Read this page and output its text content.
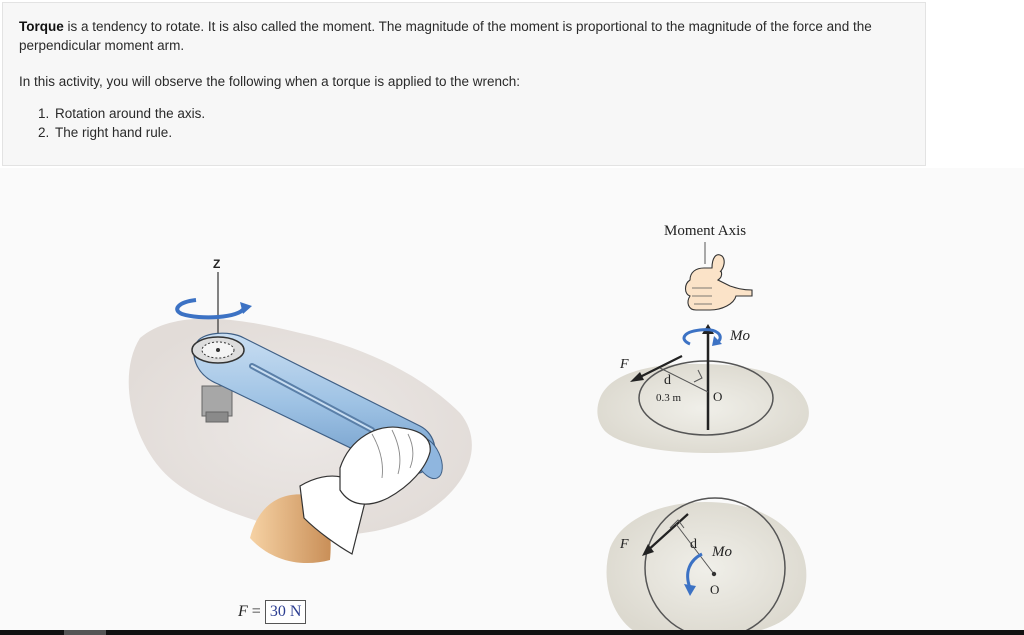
Torque is a tendency to rotate. It is also called the moment. The magnitude of the moment is proportional to the magnitude of the force and the perpendicular moment arm.

In this activity, you will observe the following when a torque is applied to the wrench:

1. Rotation around the axis.
2. The right hand rule.
Z
Moment Axis
Mo
F
d
0.3 m O
F	d Mo
O
F = 30 N
